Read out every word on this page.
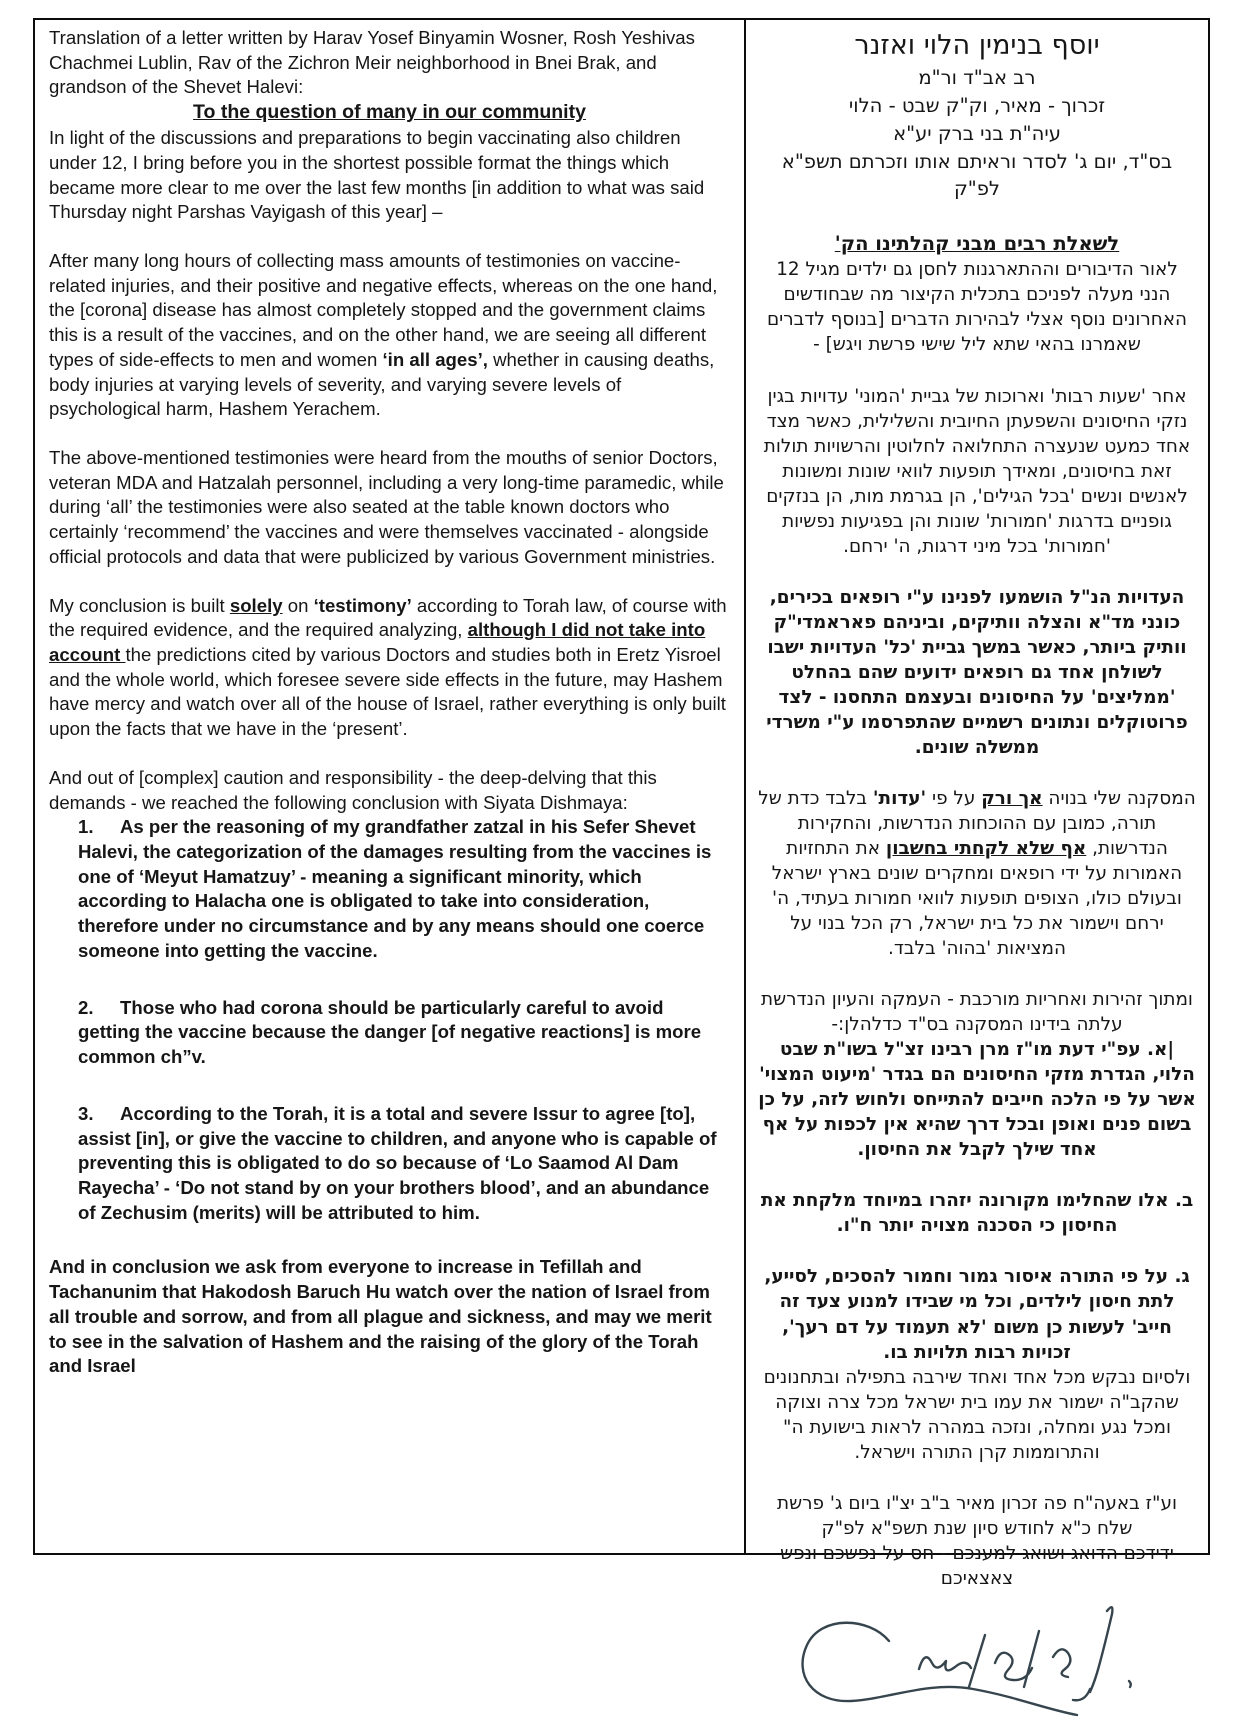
Translation of a letter written by Harav Yosef Binyamin Wosner, Rosh Yeshivas Chachmei Lublin, Rav of the Zichron Meir neighborhood in Bnei Brak, and grandson of the Shevet Halevi:

To the question of many in our community

In light of the discussions and preparations to begin vaccinating also children under 12, I bring before you in the shortest possible format the things which became more clear to me over the last few months [in addition to what was said Thursday night Parshas Vayigash of this year] –

After many long hours of collecting mass amounts of testimonies on vaccine-related injuries, and their positive and negative effects, whereas on the one hand, the [corona] disease has almost completely stopped and the government claims this is a result of the vaccines, and on the other hand, we are seeing all different types of side-effects to men and women ‘in all ages’, whether in causing deaths, body injuries at varying levels of severity, and varying severe levels of psychological harm, Hashem Yerachem.

The above-mentioned testimonies were heard from the mouths of senior Doctors, veteran MDA and Hatzalah personnel, including a very long-time paramedic, while during ‘all’ the testimonies were also seated at the table known doctors who certainly ‘recommend’ the vaccines and were themselves vaccinated - alongside official protocols and data that were publicized by various Government ministries.

My conclusion is built solely on ‘testimony’ according to Torah law, of course with the required evidence, and the required analyzing, although I did not take into account the predictions cited by various Doctors and studies both in Eretz Yisroel and the whole world, which foresee severe side effects in the future, may Hashem have mercy and watch over all of the house of Israel, rather everything is only built upon the facts that we have in the ‘present’.

And out of [complex] caution and responsibility - the deep-delving that this demands - we reached the following conclusion with Siyata Dishmaya:

1. As per the reasoning of my grandfather zatzal in his Sefer Shevet Halevi, the categorization of the damages resulting from the vaccines is one of ‘Meyut Hamatzuy’ - meaning a significant minority, which according to Halacha one is obligated to take into consideration, therefore under no circumstance and by any means should one coerce someone into getting the vaccine.

2. Those who had corona should be particularly careful to avoid getting the vaccine because the danger [of negative reactions] is more common ch”v.

3. According to the Torah, it is a total and severe Issur to agree [to], assist [in], or give the vaccine to children, and anyone who is capable of preventing this is obligated to do so because of ‘Lo Saamod Al Dam Rayecha’ - ‘Do not stand by on your brothers blood’, and an abundance of Zechusim (merits) will be attributed to him.

And in conclusion we ask from everyone to increase in Tefillah and Tachanunim that Hakodosh Baruch Hu watch over the nation of Israel from all trouble and sorrow, and from all plague and sickness, and may we merit to see in the salvation of Hashem and the raising of the glory of the Torah and Israel

יוסף בנימין הלוי ואזנר
רב אב"ד ור"מ
זכרוך - מאיר, וק"ק שבט - הלוי
עיה"ת בני ברק יע"א
בס"ד, יום ג' לסדר וראיתם אותו וזכרתם תשפ"א לפ"ק
לשאלת רבים מבני קהלתינו הק'

לאור הדיבורים וההתארגנות לחסן גם ילדים מגיל 12 הנני מעלה לפניכם בתכלית הקיצור מה שבחודשים האחרונים נוסף אצלי לבהירות הדברים [בנוסף לדברים שאמרנו בהאי שתא ליל שישי פרשת ויגש] -

אחר 'שעות רבות' וארוכות של גביית 'המוני' עדויות בגין נזקי החיסונים והשפעתן החיובית והשלילית, כאשר מצד אחד כמעט שנעצרה התחלואה לחלוטין והרשויות תולות זאת בחיסונים, ומאידך תופעות לוואי שונות ומשונות לאנשים ונשים 'בכל הגילים', הן בגרמת מות, הן בנזקים גופניים בדרגות 'חמורות' שונות והן בפגיעות נפשיות 'חמורות' בכל מיני דרגות, ה' ירחם.

העדויות הנ"ל הושמעו לפנינו ע"י רופאים בכירים, כונני מד"א והצלה וותיקים, וביניהם פאראמדי"ק וותיק ביותר, כאשר במשך גביית 'כל' העדויות ישבו לשולחן אחד גם רופאים ידועים שהם בהחלט 'ממליצים' על החיסונים ובעצמם התחסנו - לצד פרוטוקלים ונתונים רשמיים שהתפרסמו ע"י משרדי ממשלה שונים.

המסקנה שלי בנויה אך ורק על פי 'עדות' בלבד כדת של תורה, כמובן עם ההוכחות הנדרשות, והחקירות הנדרשות, אף שלא לקחתי בחשבון את התחזיות האמורות על ידי רופאים ומחקרים שונים בארץ ישראל ובעולם כולו, הצופים תופעות לוואי חמורות בעתיד, ה' ירחם וישמור את כל בית ישראל, רק הכל בנוי על המציאות 'בהוה' בלבד.

ומתוך זהירות ואחריות מורכבת - העמקה והעיון הנדרשת עלתה בידינו המסקנה בס"ד כדלהלן:-

|א. עפ"י דעת מו"ז מרן רבינו זצ"ל בשו"ת שבט הלוי, הגדרת מזקי החיסונים הם בגדר 'מיעוט המצוי' אשר על פי הלכה חייבים להתייחס ולחוש לזה, על כן בשום פנים ואופן ובכל דרך שהיא אין לכפות על אף אחד שילך לקבל את החיסון.

ב. אלו שהחלימו מקורונה יזהרו במיוחד מלקחת את החיסון כי הסכנה מצויה יותר ח"ו.

ג. על פי התורה איסור גמור וחמור להסכים, לסייע, לתת חיסון לילדים, וכל מי שבידו למנוע צעד זה חייב' לעשות כן משום 'לא תעמוד על דם רעך', זכויות רבות תלויות בו.

ולסיום נבקש מכל אחד ואחד שירבה בתפילה ובתחנונים שהקב"ה ישמור את עמו בית ישראל מכל צרה וצוקה ומכל נגע ומחלה, ונזכה במהרה לראות בישועת ה" והתרוממות קרן התורה וישראל.

וע"ז באעה"ח פה זכרון מאיר ב"ב יצ"ו ביום ג' פרשת שלח כ"א לחודש סיון שנת תשפ"א לפ"ק

ידידכם הדואג ושואג למענכם - חס על נפשכם ונפש צאצאיכם
